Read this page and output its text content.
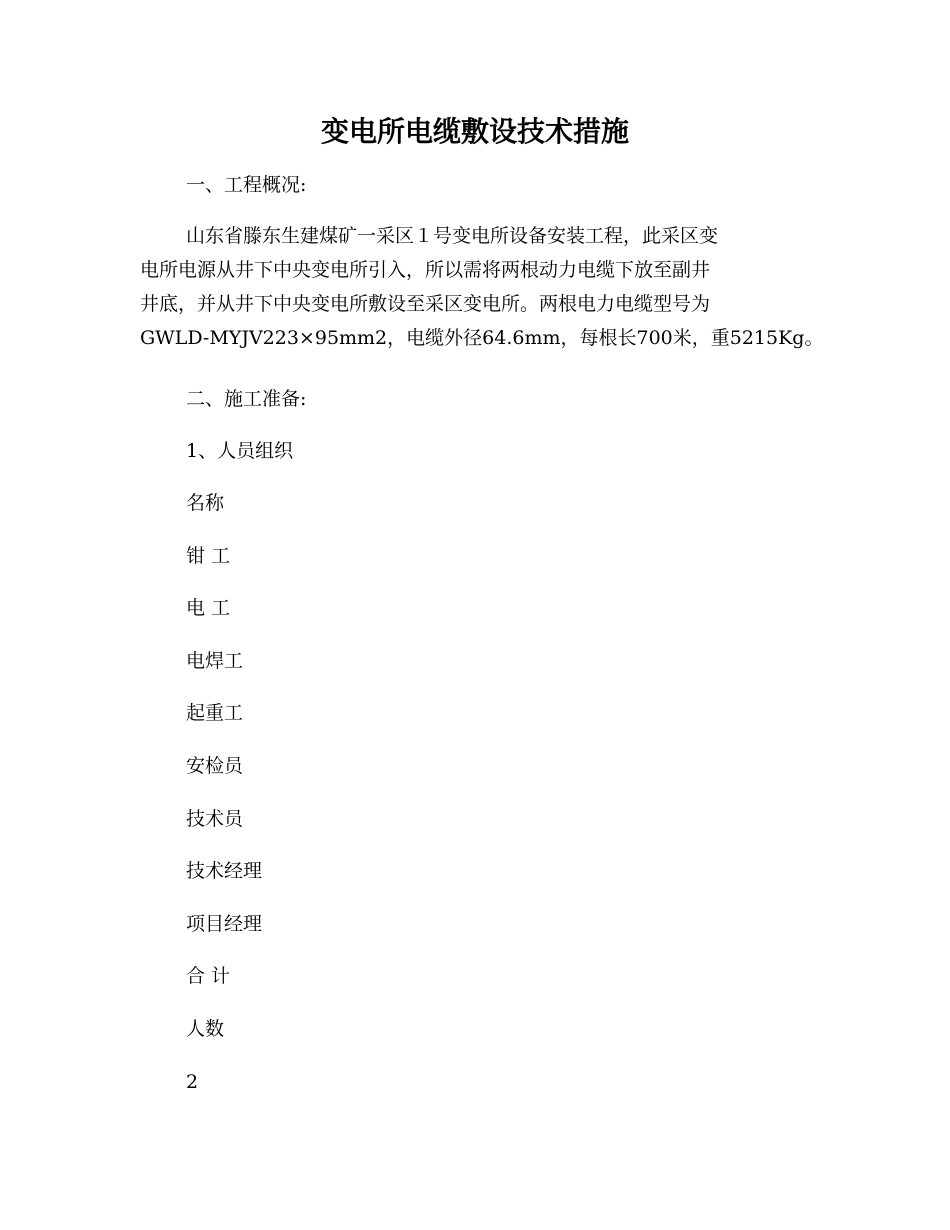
变电所电缆敷设技术措施

一、工程概况:

山东省滕东生建煤矿一采区１号变电所设备安装工程，此采区变
电所电源从井下中央变电所引入，所以需将两根动力电缆下放至副井
井底，并从井下中央变电所敷设至采区变电所。两根电力电缆型号为
GWLD-MYJV223×95mm2，电缆外径64.6mm，每根长700米，重5215Kg。

二、施工准备:

1、人员组织

名称
钳 工
电 工
电焊工
起重工
安检员
技术员
技术经理
项目经理
合 计
人数
2
